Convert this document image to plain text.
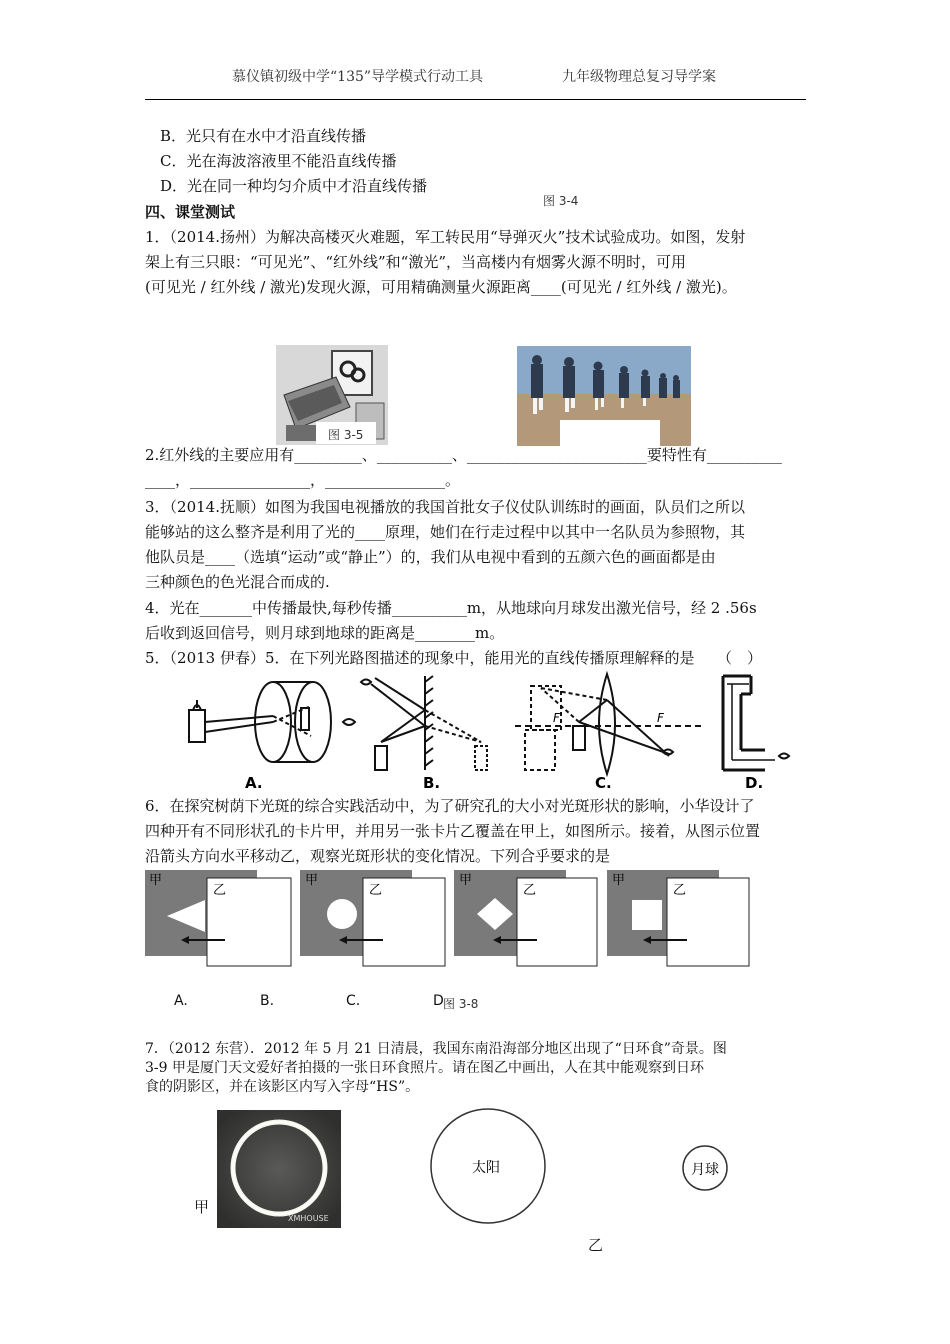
慕仪镇初级中学“135”导学模式行动工具	九年级物理总复习导学案
B．光只有在水中才沿直线传播
C．光在海波溶液里不能沿直线传播
D．光在同一种均匀介质中才沿直线传播
图 3-4
四、课堂测试
1．（2014.扬州）为解决高楼灭火难题，军工转民用“导弹灭火”技术试验成功。如图，发射
架上有三只眼：“可见光”、“红外线”和“激光”，当高楼内有烟雾火源不明时，可用
(可见光 / 红外线 / 激光)发现火源，可用精确测量火源距离____(可见光 / 红外线 / 激光)。
图 3-5
2.红外线的主要应用有_________、__________、________________________要特性有__________
____，________________，________________。
3．（2014.抚顺）如图为我国电视播放的我国首批女子仪仗队训练时的画面，队员们之所以
能够站的这么整齐是利用了光的____原理，她们在行走过程中以其中一名队员为参照物，其
他队员是____（选填“运动”或“静止”）的，我们从电视中看到的五颜六色的画面都是由
三种颜色的色光混合而成的.
4．光在_______中传播最快,每秒传播__________m，从地球向月球发出激光信号，经 2 .56s
后收到返回信号，则月球到地球的距离是________m。
5．（2013 伊春）5．在下列光路图描述的现象中，能用光的直线传播原理解释的是　　（　）
A.	B.
F	F
C.	D.
6．在探究树荫下光斑的综合实践活动中，为了研究孔的大小对光斑形状的影响，小华设计了
四种开有不同形状孔的卡片甲，并用另一张卡片乙覆盖在甲上，如图所示。接着，从图示位置
沿箭头方向水平移动乙，观察光斑形状的变化情况。下列合乎要求的是
甲
乙
甲
乙
甲
乙
甲
乙
A.	B.	C.	D 图 3-8
7．（2012 东营）．2012 年 5 月 21 日清晨，我国东南沿海部分地区出现了“日环食”奇景。图
3-9 甲是厦门天文爱好者拍摄的一张日环食照片。请在图乙中画出，人在其中能观察到日环
食的阴影区，并在该影区内写入字母“HS”。
XMHOUSE
甲
太阳	月球
乙
